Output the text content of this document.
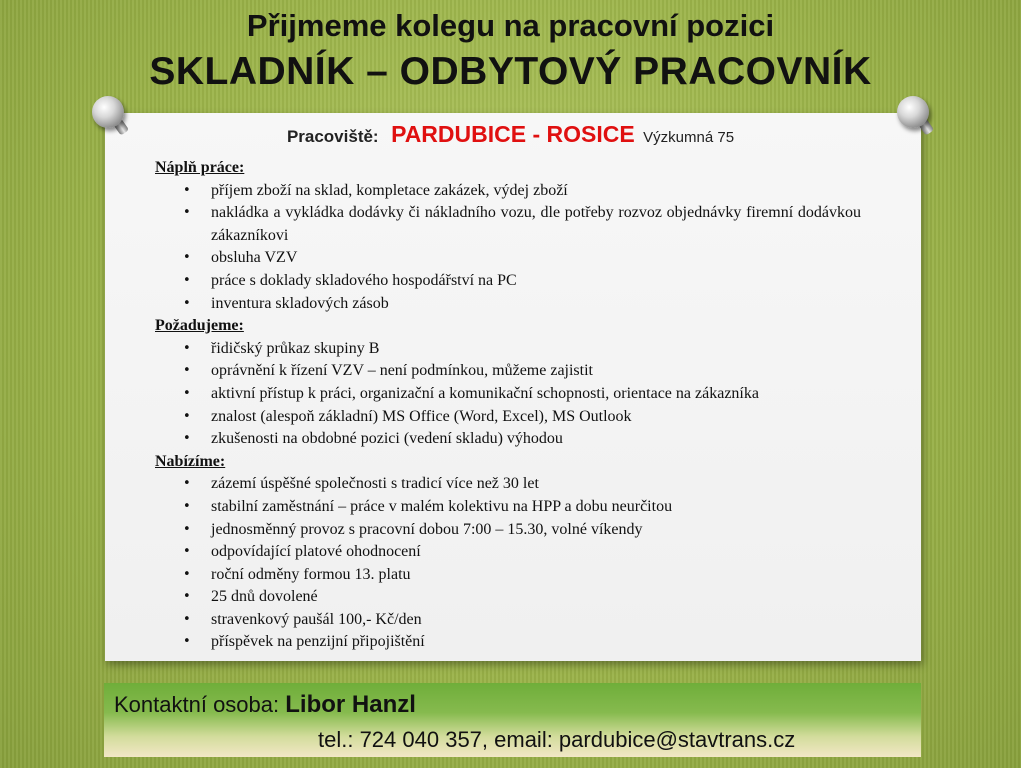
Přijmeme kolegu na pracovní pozici
SKLADNÍK – ODBYTOVÝ PRACOVNÍK
Pracoviště: PARDUBICE - ROSICE Výzkumná 75
Náplň práce:
• příjem zboží na sklad, kompletace zakázek, výdej zboží
• nakládka a vykládka dodávky či nákladního vozu, dle potřeby rozvoz objednávky firemní dodávkou zákazníkovi
• obsluha VZV
• práce s doklady skladového hospodářství na PC
• inventura skladových zásob
Požadujeme:
• řidičský průkaz skupiny B
• oprávnění k řízení VZV – není podmínkou, můžeme zajistit
• aktivní přístup k práci, organizační a komunikační schopnosti, orientace na zákazníka
• znalost (alespoň základní) MS Office (Word, Excel), MS Outlook
• zkušenosti na obdobné pozici (vedení skladu) výhodou
Nabízíme:
• zázemí úspěšné společnosti s tradicí více než 30 let
• stabilní zaměstnání – práce v malém kolektivu na HPP a dobu neurčitou
• jednosměnný provoz s pracovní dobou 7:00 – 15.30, volné víkendy
• odpovídající platové ohodnocení
• roční odměny formou 13. platu
• 25 dnů dovolené
• stravenkový paušál 100,- Kč/den
• příspěvek na penzijní připojištění
Kontaktní osoba: Libor Hanzl
tel.: 724 040 357, email: pardubice@stavtrans.cz
